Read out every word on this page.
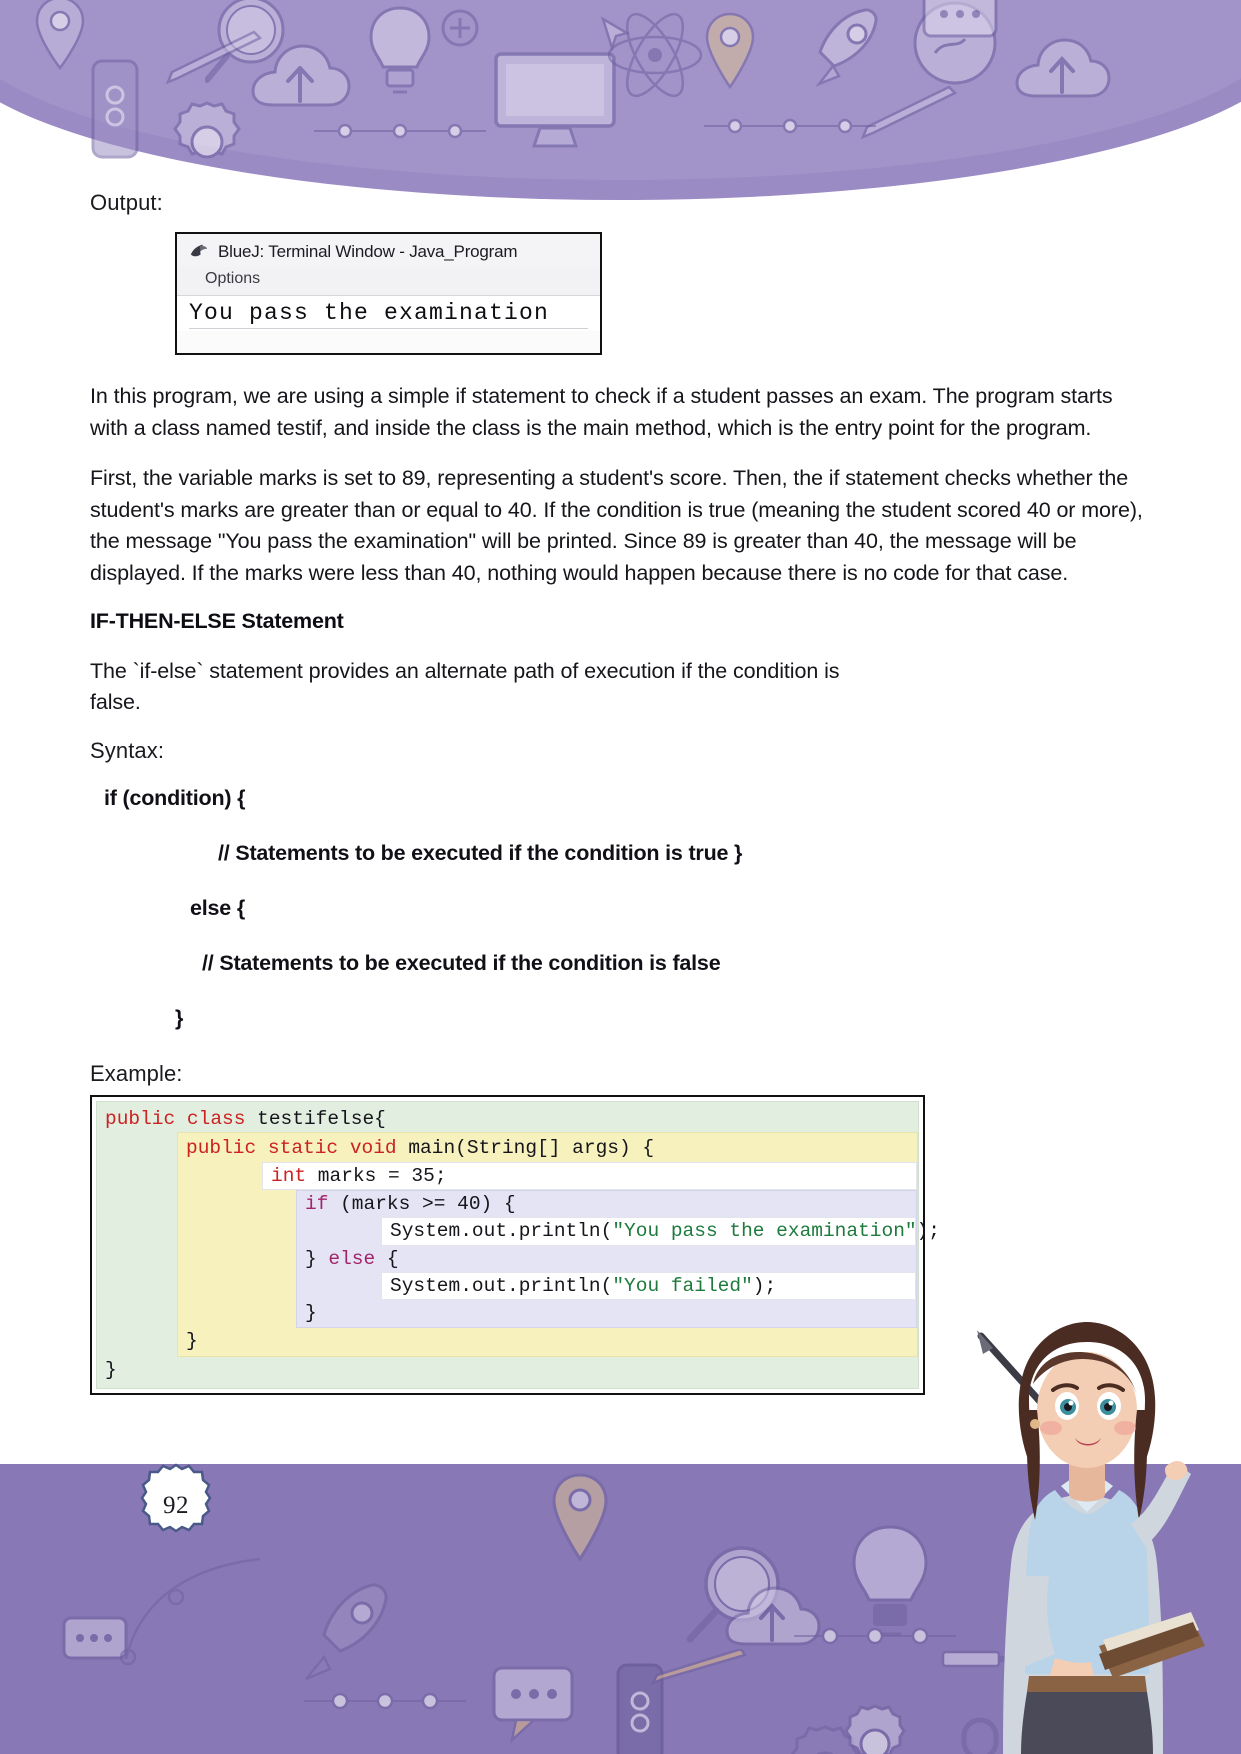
Output:
BlueJ: Terminal Window - Java_Program
Options
You pass the examination

In this program, we are using a simple if statement to check if a student passes an exam. The program starts with a class named testif, and inside the class is the main method, which is the entry point for the program.

First, the variable marks is set to 89, representing a student's score. Then, the if statement checks whether the student's marks are greater than or equal to 40. If the condition is true (meaning the student scored 40 or more), the message "You pass the examination" will be printed. Since 89 is greater than 40, the message will be displayed. If the marks were less than 40, nothing would happen because there is no code for that case.

IF-THEN-ELSE Statement

The `if-else` statement provides an alternate path of execution if the condition is false.

Syntax:
if (condition) {
// Statements to be executed if the condition is true }
else {
// Statements to be executed if the condition is false
}
Example:
public class testifelse{
public static void main(String[] args) {
int marks = 35;
if (marks >= 40) {
System.out.println("You pass the examination");
} else {
System.out.println("You failed");
}
}
}
92
